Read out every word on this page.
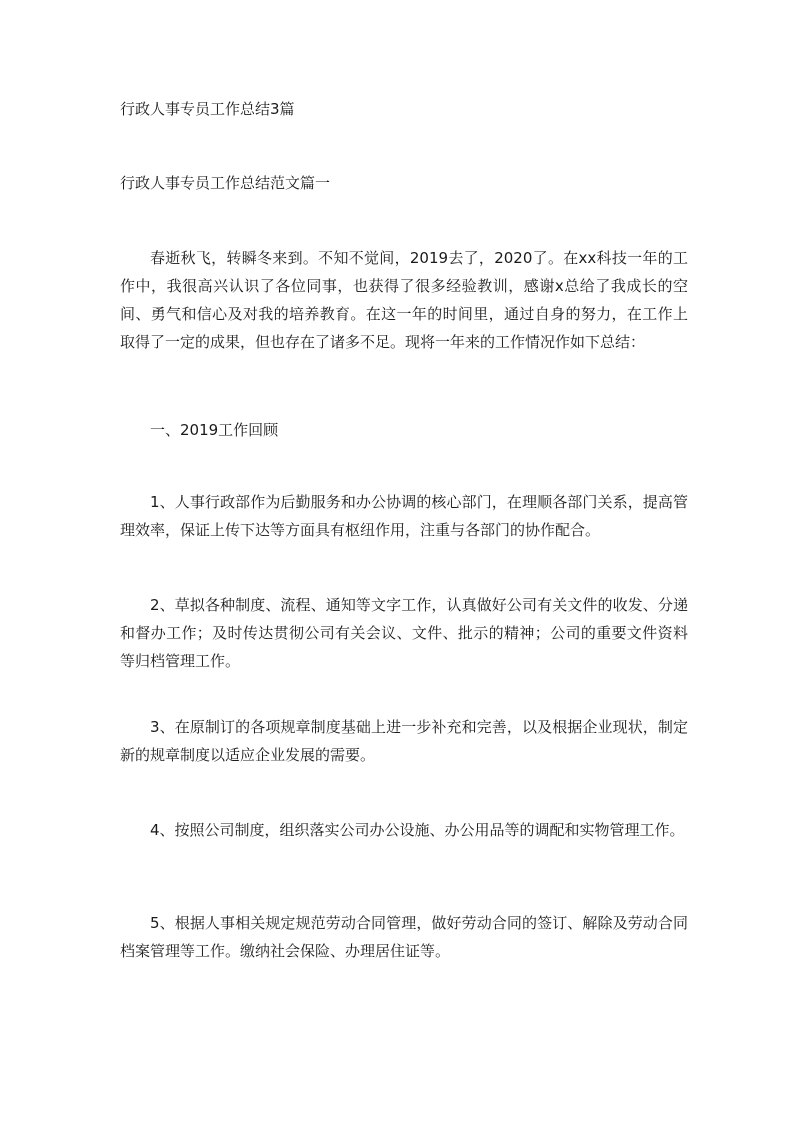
行政人事专员工作总结3篇
行政人事专员工作总结范文篇一
春逝秋飞，转瞬冬来到。不知不觉间，2019去了，2020了。在xx科技一年的工作中，我很高兴认识了各位同事，也获得了很多经验教训，感谢x总给了我成长的空间、勇气和信心及对我的培养教育。在这一年的时间里，通过自身的努力，在工作上取得了一定的成果，但也存在了诸多不足。现将一年来的工作情况作如下总结：
一、2019工作回顾
1、人事行政部作为后勤服务和办公协调的核心部门，在理顺各部门关系，提高管理效率，保证上传下达等方面具有枢纽作用，注重与各部门的协作配合。
2、草拟各种制度、流程、通知等文字工作，认真做好公司有关文件的收发、分递和督办工作；及时传达贯彻公司有关会议、文件、批示的精神；公司的重要文件资料等归档管理工作。
3、在原制订的各项规章制度基础上进一步补充和完善，以及根据企业现状，制定新的规章制度以适应企业发展的需要。
4、按照公司制度，组织落实公司办公设施、办公用品等的调配和实物管理工作。
5、根据人事相关规定规范劳动合同管理，做好劳动合同的签订、解除及劳动合同档案管理等工作。缴纳社会保险、办理居住证等。
